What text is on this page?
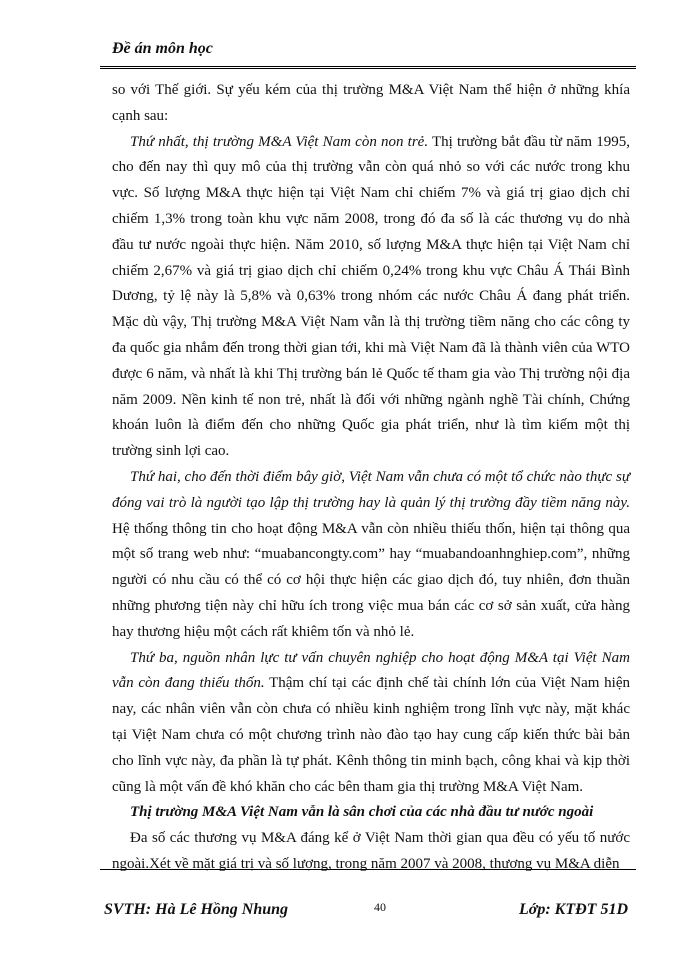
Đề án môn học

so với Thế giới. Sự yếu kém của thị trường M&A Việt Nam thể hiện ở những khía cạnh sau:

Thứ nhất, thị trường M&A Việt Nam còn non trẻ. Thị trường bắt đầu từ năm 1995, cho đến nay thì quy mô của thị trường vẫn còn quá nhỏ so với các nước trong khu vực. Số lượng M&A thực hiện tại Việt Nam chỉ chiếm 7% và giá trị giao dịch chỉ chiếm 1,3% trong toàn khu vực năm 2008, trong đó đa số là các thương vụ do nhà đầu tư nước ngoài thực hiện. Năm 2010, số lượng M&A thực hiện tại Việt Nam chỉ chiếm 2,67% và giá trị giao dịch chỉ chiếm 0,24% trong khu vực Châu Á Thái Bình Dương, tỷ lệ này là 5,8% và 0,63% trong nhóm các nước Châu Á đang phát triển. Mặc dù vậy, Thị trường M&A Việt Nam vẫn là thị trường tiềm năng cho các công ty đa quốc gia nhắm đến trong thời gian tới, khi mà Việt Nam đã là thành viên của WTO được 6 năm, và nhất là khi Thị trường bán lẻ Quốc tế tham gia vào Thị trường nội địa năm 2009. Nền kinh tế non trẻ, nhất là đối với những ngành nghề Tài chính, Chứng khoán luôn là điểm đến cho những Quốc gia phát triển, như là tìm kiếm một thị trường sinh lợi cao.

Thứ hai, cho đến thời điểm bây giờ, Việt Nam vẫn chưa có một tổ chức nào thực sự đóng vai trò là người tạo lập thị trường hay là quản lý thị trường đầy tiềm năng này. Hệ thống thông tin cho hoạt động M&A vẫn còn nhiều thiếu thốn, hiện tại thông qua một số trang web như: “muabancongty.com” hay “muabandoanhnghiep.com”, những người có nhu cầu có thể có cơ hội thực hiện các giao dịch đó, tuy nhiên, đơn thuần những phương tiện này chỉ hữu ích trong việc mua bán các cơ sở sản xuất, cửa hàng hay thương hiệu một cách rất khiêm tốn và nhỏ lẻ.

Thứ ba, nguồn nhân lực tư vấn chuyên nghiệp cho hoạt động M&A tại Việt Nam vẫn còn đang thiếu thốn. Thậm chí tại các định chế tài chính lớn của Việt Nam hiện nay, các nhân viên vẫn còn chưa có nhiều kinh nghiệm trong lĩnh vực này, mặt khác tại Việt Nam chưa có một chương trình nào đào tạo hay cung cấp kiến thức bài bản cho lĩnh vực này, đa phần là tự phát. Kênh thông tin minh bạch, công khai và kịp thời cũng là một vấn đề khó khăn cho các bên tham gia thị trường M&A Việt Nam.

Thị trường M&A Việt Nam vẫn là sân chơi của các nhà đầu tư nước ngoài

Đa số các thương vụ M&A đáng kể ở Việt Nam thời gian qua đều có yếu tố nước ngoài.Xét về mặt giá trị và số lượng, trong năm 2007 và 2008, thương vụ M&A diễn

SVTH: Hà Lê Hồng Nhung	40	Lớp: KTĐT 51D
